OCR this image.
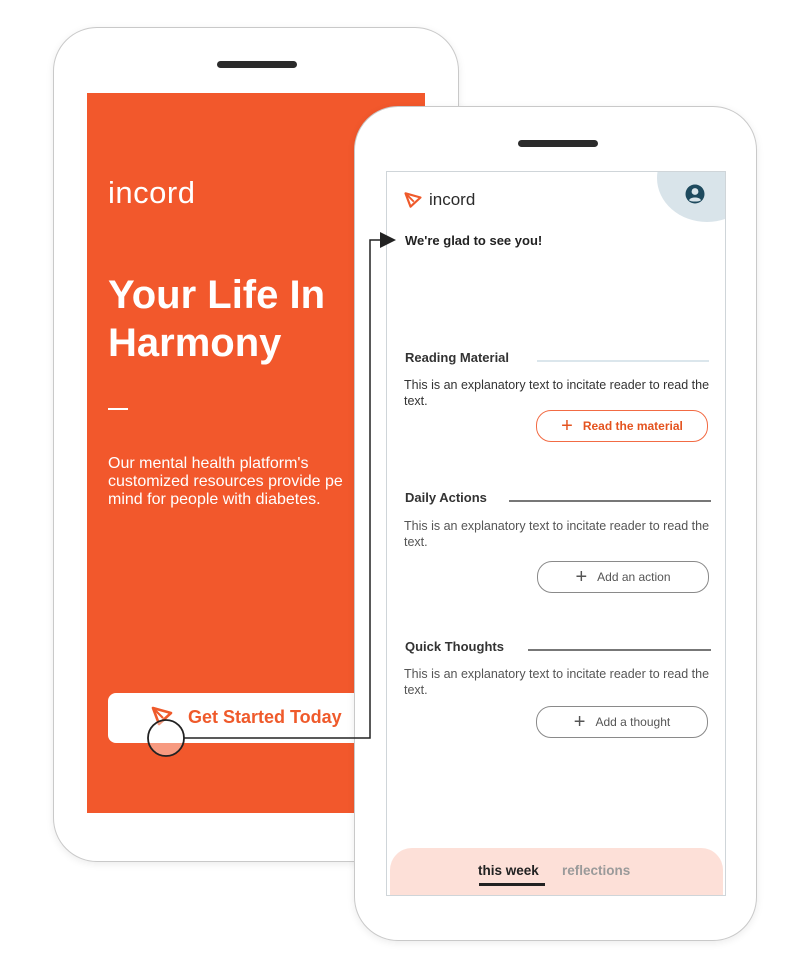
incord
Your Life In Harmony
Our mental health platform's
customized resources provide pe
mind for people with diabetes.
Get Started Today
incord
We're glad to see you!
Reading Material
This is an explanatory text to incitate reader to read the text.
+ Read the material
Daily Actions
This is an explanatory text to incitate reader to read the text.
+ Add an action
Quick Thoughts
This is an explanatory text to incitate reader to read the text.
+ Add a thought
this week reflections
